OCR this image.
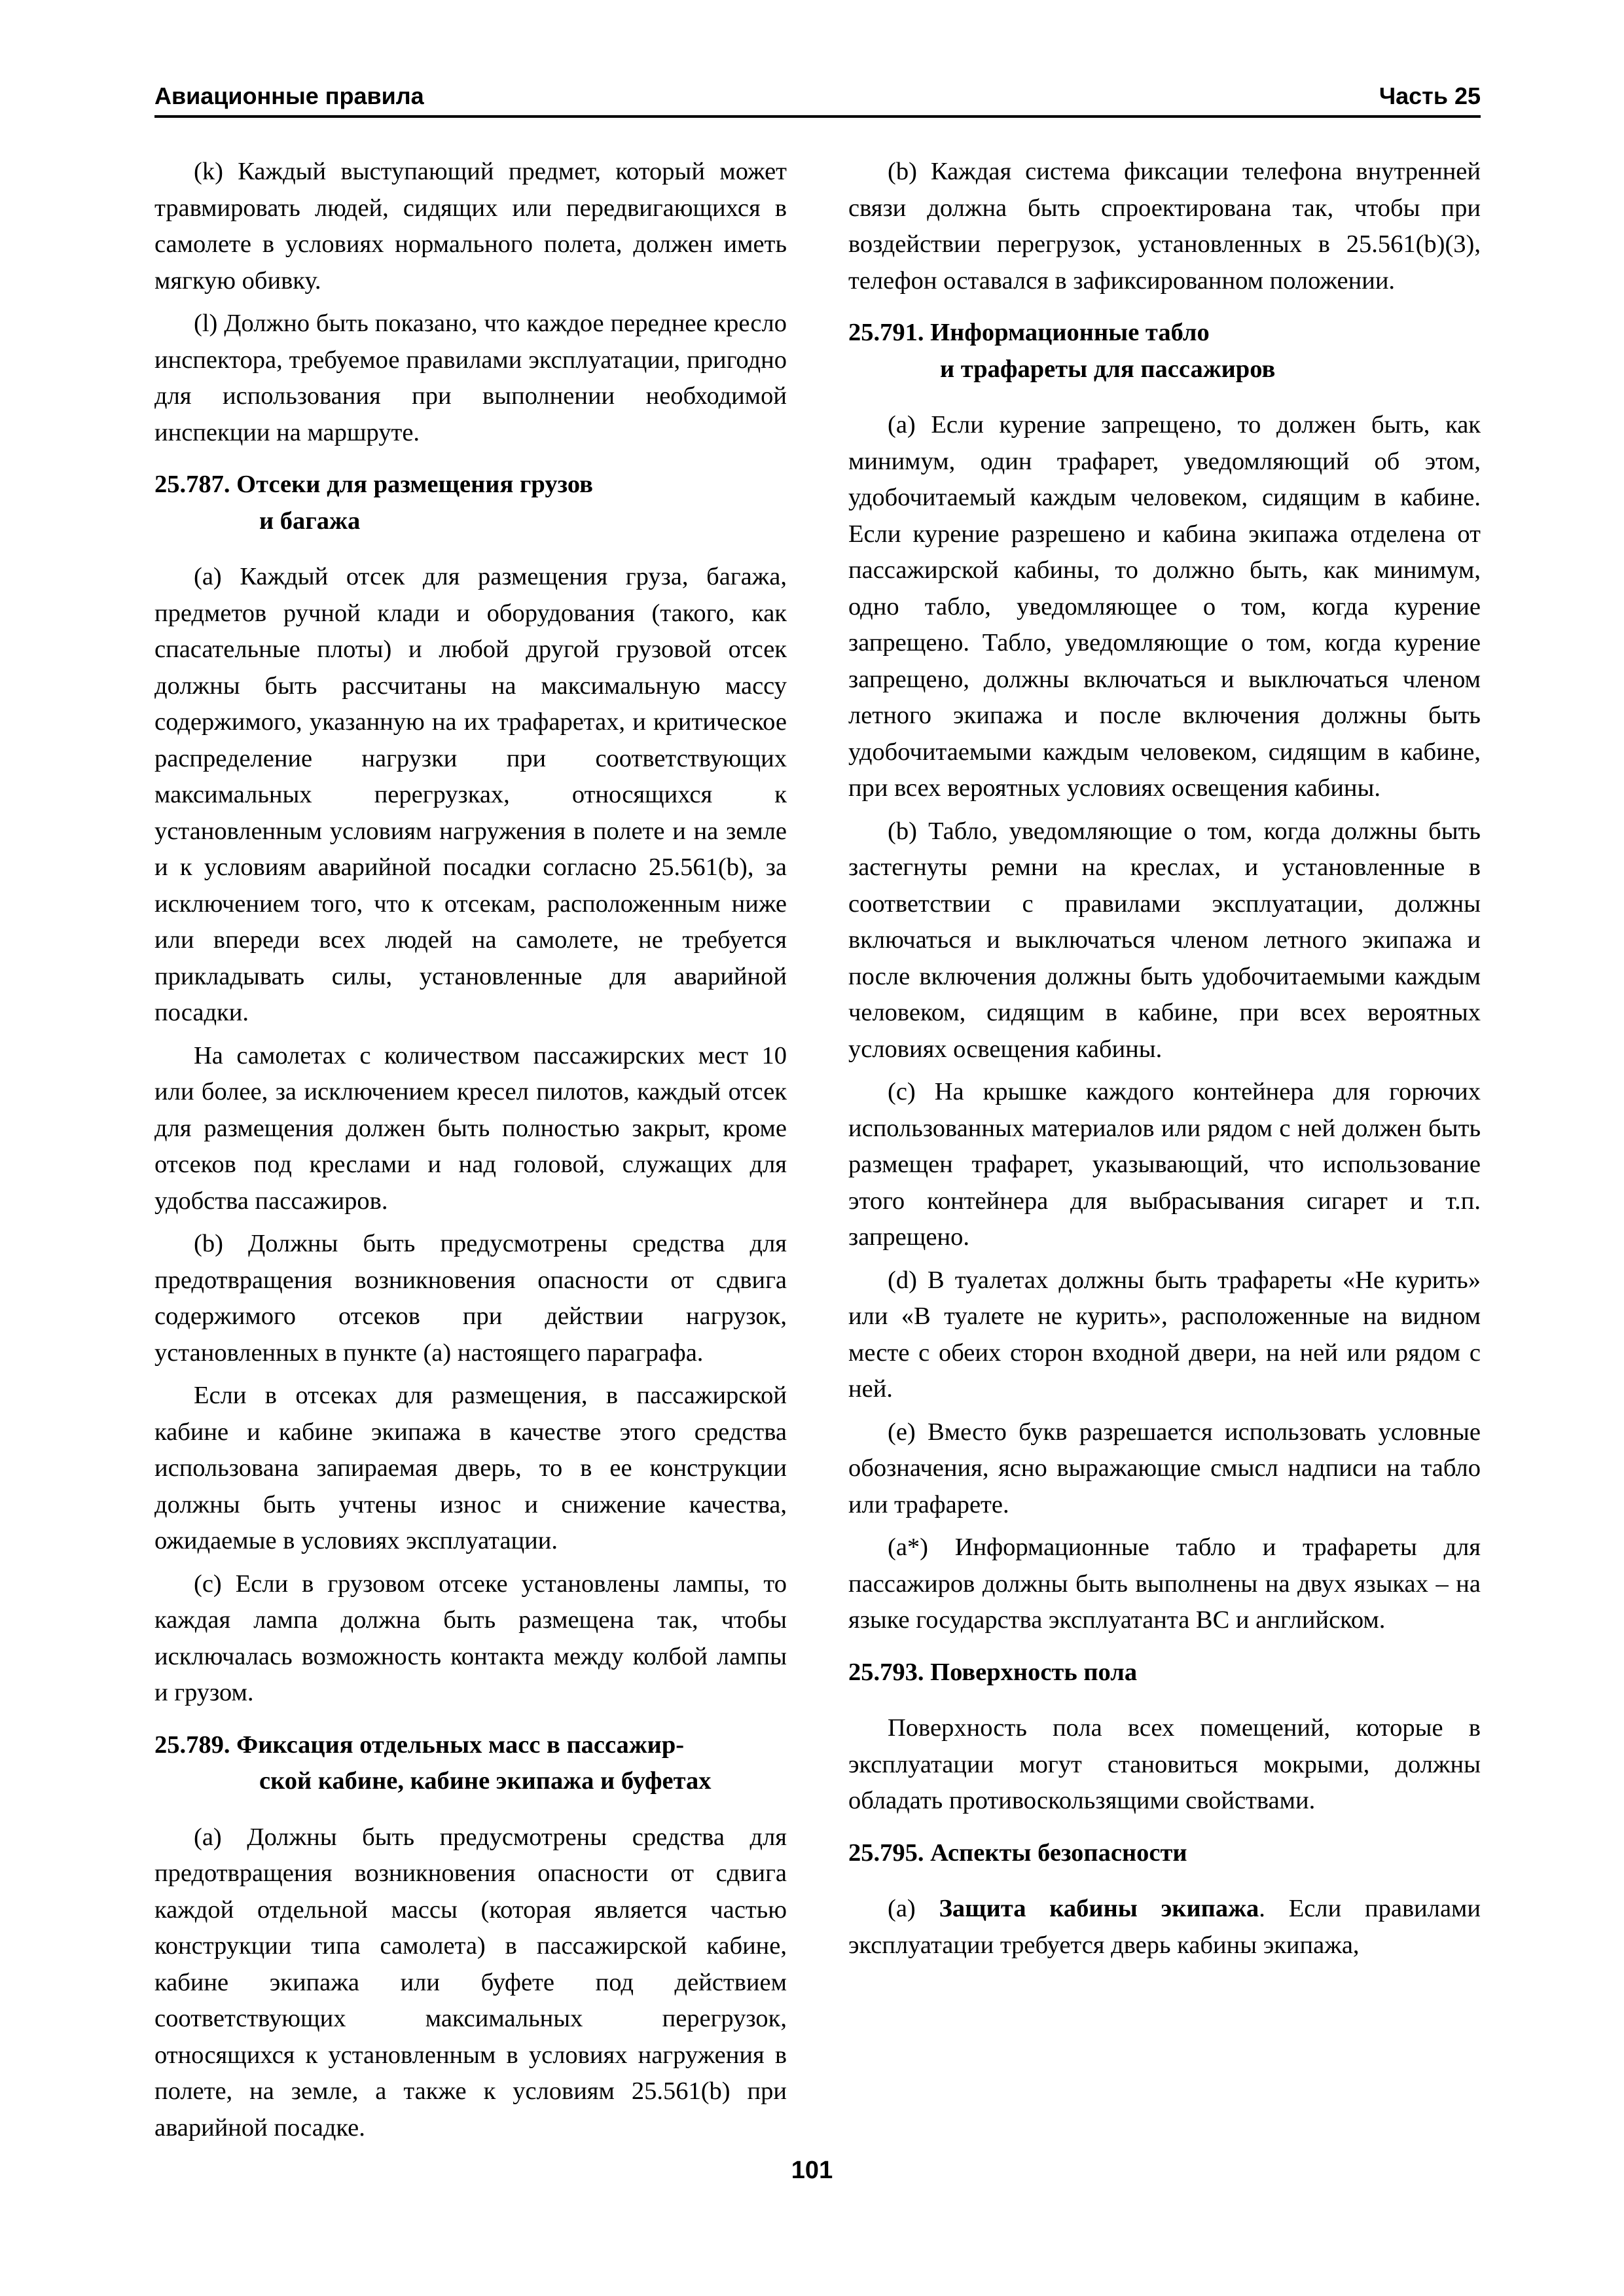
Авиационные правила	Часть 25

(k) Каждый выступающий предмет, который может травмировать людей, сидящих или передвигающихся в самолете в условиях нормального полета, должен иметь мягкую обивку.

(l) Должно быть показано, что каждое переднее кресло инспектора, требуемое правилами эксплуатации, пригодно для использования при выполнении необходимой инспекции на маршруте.

25.787. Отсеки для размещения грузов
и багажа

(а) Каждый отсек для размещения груза, багажа, предметов ручной клади и оборудования (такого, как спасательные плоты) и любой другой грузовой отсек должны быть рассчитаны на максимальную массу содержимого, указанную на их трафаретах, и критическое распределение нагрузки при соответствующих максимальных перегрузках, относящихся к установленным условиям нагружения в полете и на земле и к условиям аварийной посадки согласно 25.561(b), за исключением того, что к отсекам, расположенным ниже или впереди всех людей на самолете, не требуется прикладывать силы, установленные для аварийной посадки.

На самолетах с количеством пассажирских мест 10 или более, за исключением кресел пилотов, каждый отсек для размещения должен быть полностью закрыт, кроме отсеков под креслами и над головой, служащих для удобства пассажиров.

(b) Должны быть предусмотрены средства для предотвращения возникновения опасности от сдвига содержимого отсеков при действии нагрузок, установленных в пункте (а) настоящего параграфа.

Если в отсеках для размещения, в пассажирской кабине и кабине экипажа в качестве этого средства использована запираемая дверь, то в ее конструкции должны быть учтены износ и снижение качества, ожидаемые в условиях эксплуатации.

(c) Если в грузовом отсеке установлены лампы, то каждая лампа должна быть размещена так, чтобы исключалась возможность контакта между колбой лампы и грузом.

25.789. Фиксация отдельных масс в пассажир-
ской кабине, кабине экипажа и буфетах

(а) Должны быть предусмотрены средства для предотвращения возникновения опасности от сдвига каждой отдельной массы (которая является частью конструкции типа самолета) в пассажирской кабине, кабине экипажа или буфете под действием соответствующих максимальных перегрузок, относящихся к установленным в условиях нагружения в полете, на земле, а также к условиям 25.561(b) при аварийной посадке.

(b) Каждая система фиксации телефона внутренней связи должна быть спроектирована так, чтобы при воздействии перегрузок, установленных в 25.561(b)(3), телефон оставался в зафиксированном положении.

25.791. Информационные табло
и трафареты для пассажиров

(а) Если курение запрещено, то должен быть, как минимум, один трафарет, уведомляющий об этом, удобочитаемый каждым человеком, сидящим в кабине. Если курение разрешено и кабина экипажа отделена от пассажирской кабины, то должно быть, как минимум, одно табло, уведомляющее о том, когда курение запрещено. Табло, уведомляющие о том, когда курение запрещено, должны включаться и выключаться членом летного экипажа и после включения должны быть удобочитаемыми каждым человеком, сидящим в кабине, при всех вероятных условиях освещения кабины.

(b) Табло, уведомляющие о том, когда должны быть застегнуты ремни на креслах, и установленные в соответствии с правилами эксплуатации, должны включаться и выключаться членом летного экипажа и после включения должны быть удобочитаемыми каждым человеком, сидящим в кабине, при всех вероятных условиях освещения кабины.

(c) На крышке каждого контейнера для горючих использованных материалов или рядом с ней должен быть размещен трафарет, указывающий, что использование этого контейнера для выбрасывания сигарет и т.п. запрещено.

(d) В туалетах должны быть трафареты «Не курить» или «В туалете не курить», расположенные на видном месте с обеих сторон входной двери, на ней или рядом с ней.

(e) Вместо букв разрешается использовать условные обозначения, ясно выражающие смысл надписи на табло или трафарете.

(а*) Информационные табло и трафареты для пассажиров должны быть выполнены на двух языках – на языке государства эксплуатанта ВС и английском.

25.793. Поверхность пола

Поверхность пола всех помещений, которые в эксплуатации могут становиться мокрыми, должны обладать противоскользящими свойствами.

25.795. Аспекты безопасности

(а) Защита кабины экипажа. Если правилами эксплуатации требуется дверь кабины экипажа,

101
